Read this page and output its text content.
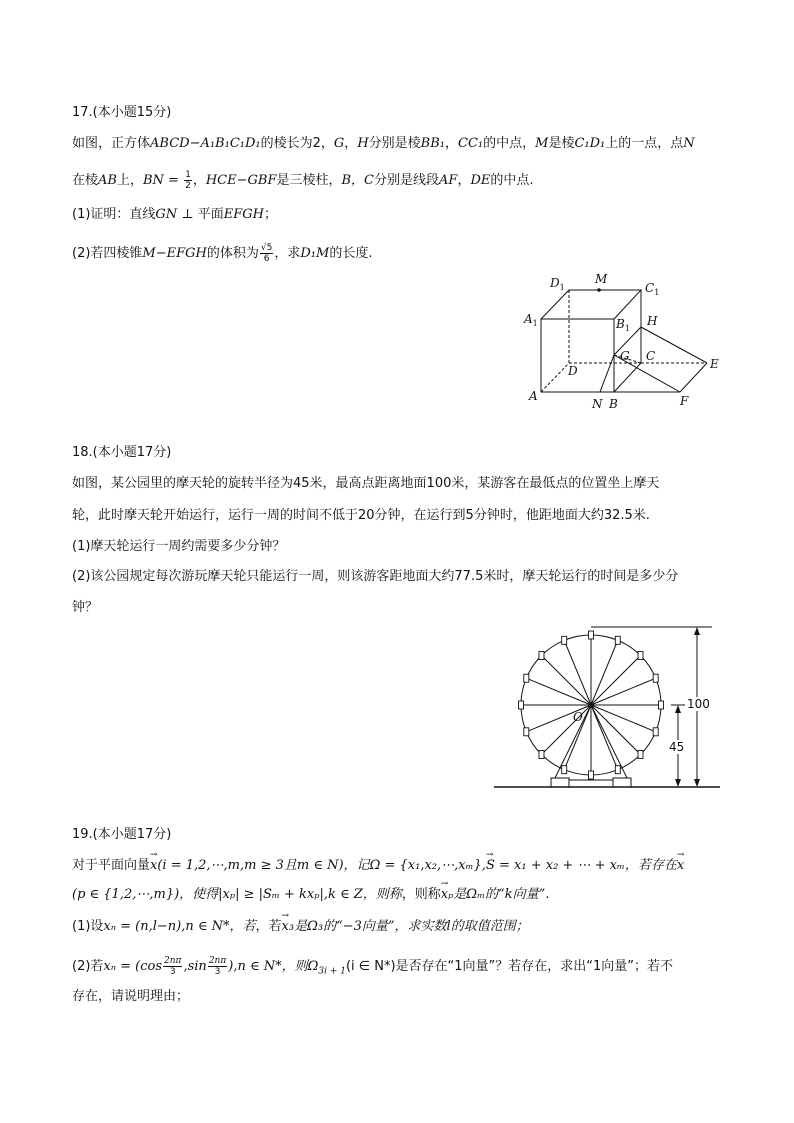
17.(本小题15分)
如图，正方体ABCD−A₁B₁C₁D₁的棱长为2，G，H分别是棱BB₁，CC₁的中点，M是棱C₁D₁上的一点，点N
在棱AB上，BN = $\frac{1}{2}$ ，HCE−GBF是三棱柱，B，C分别是线段AF，DE的中点.
(1)证明：直线GN ⊥ 平面EFGH；
(2)若四棱锥M−EFGH的体积为 $\frac{√5}{6}$ ，求D₁M的长度.
$D_1$
M
$C_1$
$A_1$	$B_1$
H
G C
D	E
A
N B	F
18.(本小题17分)
如图，某公园里的摩天轮的旋转半径为45米，最高点距离地面100米，某游客在最低点的位置坐上摩天
轮，此时摩天轮开始运行，运行一周的时间不低于20分钟，在运行到5分钟时，他距地面大约32.5米.
(1)摩天轮运行一周约需要多少分钟？
(2)该公园规定每次游玩摩天轮只能运行一周，则该游客距地面大约77.5米时，摩天轮运行的时间是多少分
钟？
100
45
O
19.(本小题17分)
对于平面向量→ x(i = 1,2,⋯,m,m ≥ 3且m ∈ N)，记Ω = {x₁,x₂,⋯,xₘ},→ S = x₁ + x₂ + ⋯ + xₘ，若存在→ x
(p ∈ {1,2,⋯,m})，使得|xₚ| ≥ |Sₘ + kxₚ|,k ∈ Z，则称，则称→ xₚ是Ωₘ的“k向量”.
(1)设xₙ = (n,l−n),n ∈ N*，若，若→ x₃是Ω₃的“−3向量”，求实数l的取值范围；
(2)若$x_n = (\cos \frac{2n\pi}{3} ,\sin \frac{2n\pi}{3} ),n$ ∈ N*，则$\Omega_{3i + 1}(i$ ∈ N*)是否存在“1向量”？若存在，求出“1向量”；若不
存在，请说明理由；
